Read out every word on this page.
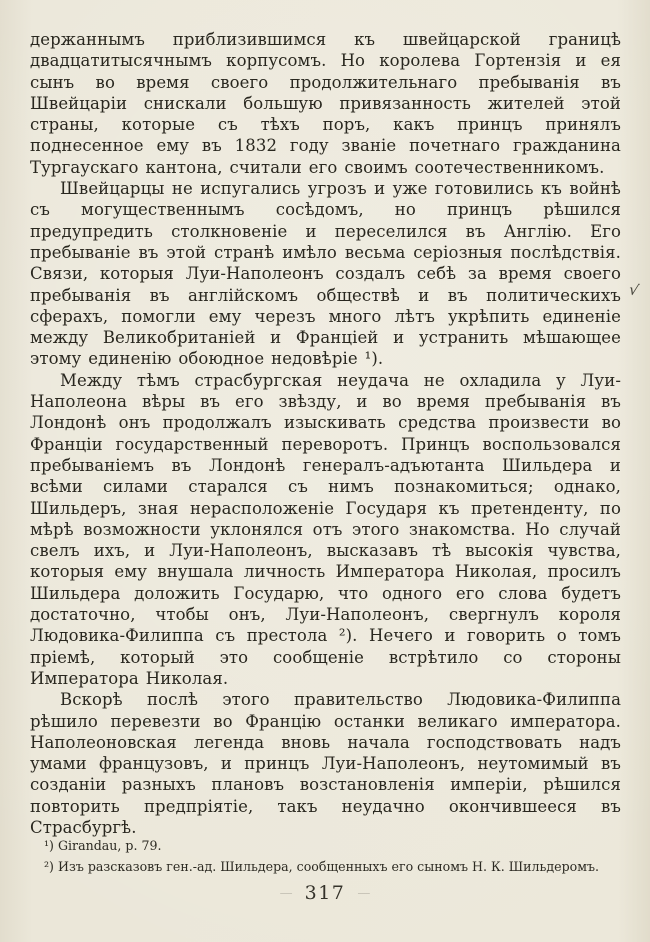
держаннымъ приблизившимся къ швейцарской границѣ двадцатитысячнымъ корпусомъ. Но королева Гортензія и ея сынъ во время своего продолжительнаго пребыванія въ Швейцаріи снискали большую привязанность жителей этой страны, которые съ тѣхъ поръ, какъ принцъ принялъ поднесенное ему въ 1832 году званіе почетнаго гражданина Тургаускаго кантона, считали его своимъ соотечественникомъ.

Швейцарцы не испугались угрозъ и уже готовились къ войнѣ съ могущественнымъ сосѣдомъ, но принцъ рѣшился предупредить столкновеніе и переселился въ Англію. Его пребываніе въ этой странѣ имѣло весьма серіозныя послѣдствія. Связи, которыя Луи-Наполеонъ создалъ себѣ за время своего пребыванія въ англійскомъ обществѣ и въ политическихъ сферахъ, помогли ему черезъ много лѣтъ укрѣпить единеніе между Великобританіей и Франціей и устранить мѣшающее этому единенію обоюдное недовѣріе ¹).

Между тѣмъ страсбургская неудача не охладила у Луи-Наполеона вѣры въ его звѣзду, и во время пребыванія въ Лондонѣ онъ продолжалъ изыскивать средства произвести во Франціи государственный переворотъ. Принцъ воспользовался пребываніемъ въ Лондонѣ генералъ-адъютанта Шильдера и всѣми силами старался съ нимъ познакомиться; однако, Шильдеръ, зная нерасположеніе Государя къ претенденту, по мѣрѣ возможности уклонялся отъ этого знакомства. Но случай свелъ ихъ, и Луи-Наполеонъ, высказавъ тѣ высокія чувства, которыя ему внушала личность Императора Николая, просилъ Шильдера доложить Государю, что одного его слова будетъ достаточно, чтобы онъ, Луи-Наполеонъ, свергнулъ короля Людовика-Филиппа съ престола ²). Нечего и говорить о томъ пріемѣ, который это сообщеніе встрѣтило со стороны Императора Николая.

Вскорѣ послѣ этого правительство Людовика-Филиппа рѣшило перевезти во Францію останки великаго императора. Наполеоновская легенда вновь начала господствовать надъ умами французовъ, и принцъ Луи-Наполеонъ, неутомимый въ созданіи разныхъ плановъ возстановленія имперіи, рѣшился повторить предпріятіе, такъ неудачно окончившееся въ Страсбургѣ.

√

¹) Girandau, p. 79.

²) Изъ разсказовъ ген.-ад. Шильдера, сообщенныхъ его сыномъ Н. К. Шильдеромъ.

— 317 —
